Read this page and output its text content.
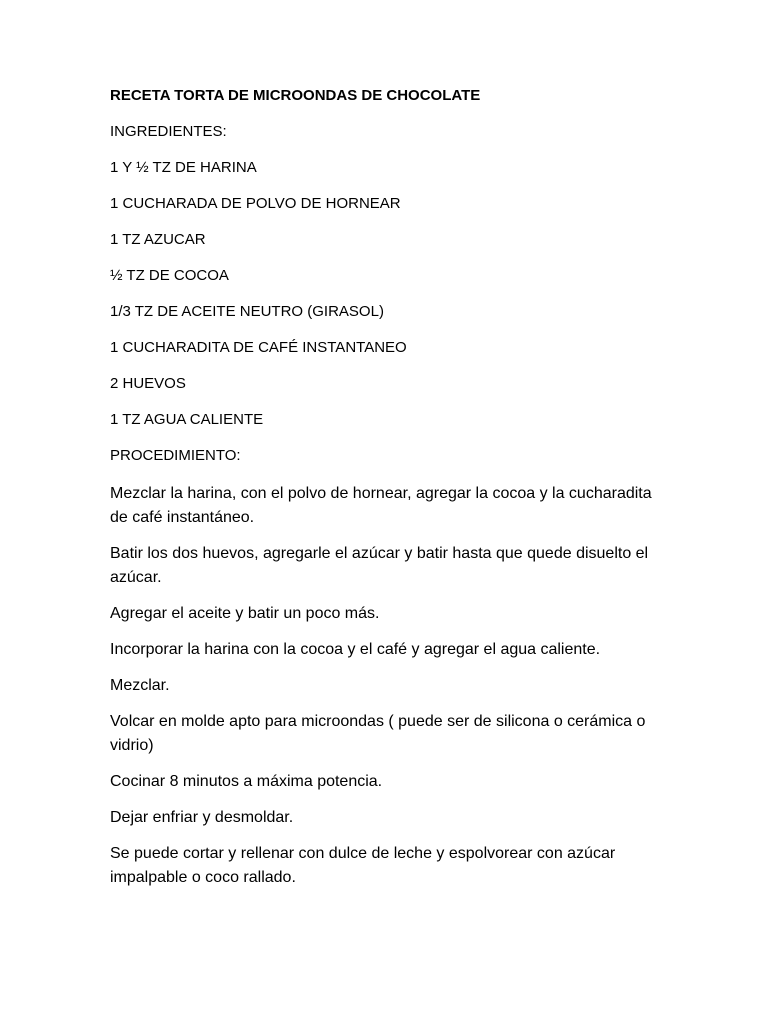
RECETA TORTA DE MICROONDAS DE CHOCOLATE
INGREDIENTES:
1 Y ½ TZ DE HARINA
1 CUCHARADA DE POLVO DE HORNEAR
1 TZ AZUCAR
½ TZ DE COCOA
1/3 TZ DE ACEITE NEUTRO (GIRASOL)
1 CUCHARADITA DE CAFÉ INSTANTANEO
2 HUEVOS
1 TZ AGUA CALIENTE
PROCEDIMIENTO:
Mezclar la harina, con el polvo de hornear, agregar la cocoa y la cucharadita de café instantáneo.
Batir los dos huevos, agregarle el azúcar y batir hasta que quede disuelto el azúcar.
Agregar el aceite y batir un poco más.
Incorporar la harina con la cocoa y el café y agregar el agua caliente.
Mezclar.
Volcar en molde apto para microondas ( puede ser de silicona o cerámica o vidrio)
Cocinar 8 minutos a máxima potencia.
Dejar enfriar y desmoldar.
Se puede cortar y rellenar con dulce de leche y espolvorear con azúcar impalpable o coco rallado.
